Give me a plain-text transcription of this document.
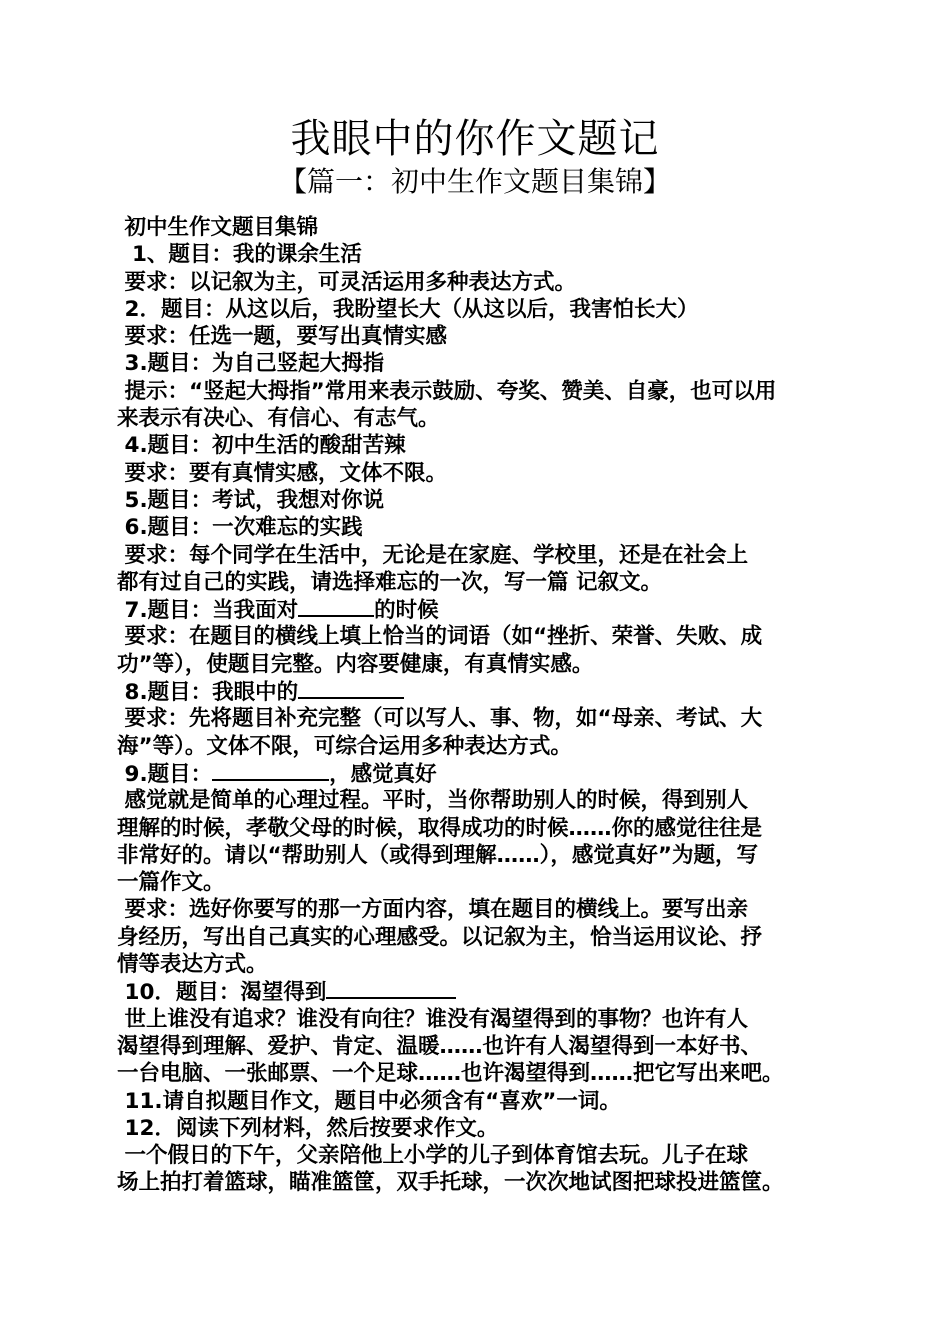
我眼中的你作文题记
【篇一：初中生作文题目集锦】
初中生作文题目集锦
1、题目：我的课余生活
要求：以记叙为主，可灵活运用多种表达方式。
2．题目：从这以后，我盼望长大（从这以后，我害怕长大）
要求：任选一题，要写出真情实感
3.题目：为自己竖起大拇指
提示：“竖起大拇指”常用来表示鼓励、夸奖、赞美、自豪，也可以用
来表示有决心、有信心、有志气。
4.题目：初中生活的酸甜苦辣
要求：要有真情实感，文体不限。
5.题目：考试，我想对你说
6.题目：一次难忘的实践
要求：每个同学在生活中，无论是在家庭、学校里，还是在社会上
都有过自己的实践，请选择难忘的一次，写一篇 记叙文。
7.题目：当我面对	的时候
要求：在题目的横线上填上恰当的词语（如“挫折、荣誉、失败、成
功”等），使题目完整。内容要健康，有真情实感。
8.题目：我眼中的
要求：先将题目补充完整（可以写人、事、物，如“母亲、考试、大
海”等）。文体不限，可综合运用多种表达方式。
9.题目：	，感觉真好
感觉就是简单的心理过程。平时，当你帮助别人的时候，得到别人
理解的时候，孝敬父母的时候，取得成功的时候……你的感觉往往是
非常好的。请以“帮助别人（或得到理解……），感觉真好”为题，写
一篇作文。
要求：选好你要写的那一方面内容，填在题目的横线上。要写出亲
身经历，写出自己真实的心理感受。以记叙为主，恰当运用议论、抒
情等表达方式。
10．题目：渴望得到
世上谁没有追求？谁没有向往？谁没有渴望得到的事物？也许有人
渴望得到理解、爱护、肯定、温暖……也许有人渴望得到一本好书、
一台电脑、一张邮票、一个足球……也许渴望得到……把它写出来吧。
11.请自拟题目作文，题目中必须含有“喜欢”一词。
12．阅读下列材料，然后按要求作文。
一个假日的下午，父亲陪他上小学的儿子到体育馆去玩。儿子在球
场上拍打着篮球，瞄准篮筐，双手托球，一次次地试图把球投进篮筐。
